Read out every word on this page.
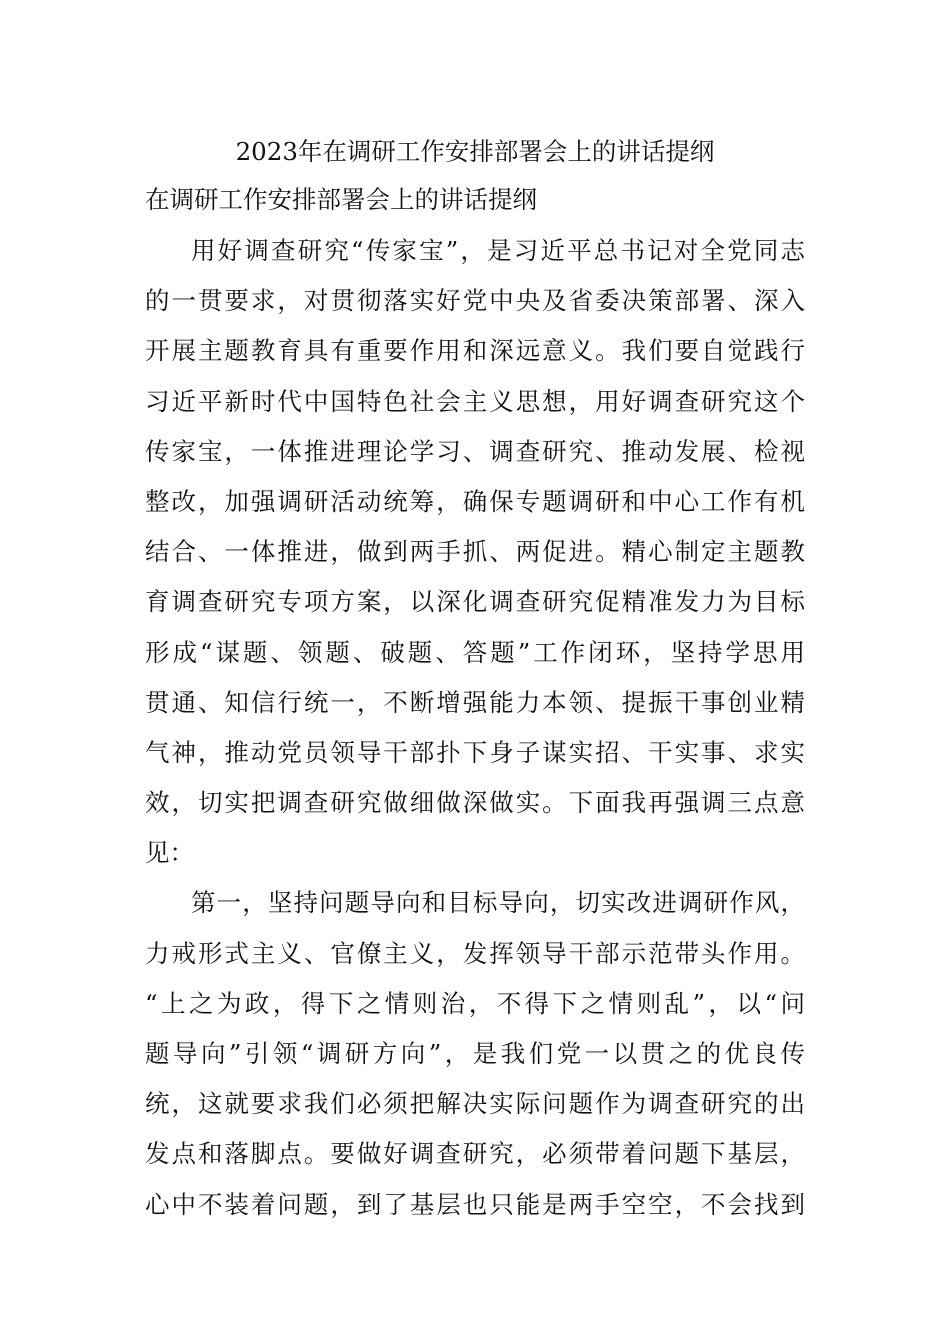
2023年在调研工作安排部署会上的讲话提纲
在调研工作安排部署会上的讲话提纲

用好调查研究“传家宝”，是习近平总书记对全党同志
的一贯要求，对贯彻落实好党中央及省委决策部署、深入
开展主题教育具有重要作用和深远意义。我们要自觉践行
习近平新时代中国特色社会主义思想，用好调查研究这个
传家宝，一体推进理论学习、调查研究、推动发展、检视
整改，加强调研活动统筹，确保专题调研和中心工作有机
结合、一体推进，做到两手抓、两促进。精心制定主题教
育调查研究专项方案，以深化调查研究促精准发力为目标
形成“谋题、领题、破题、答题”工作闭环，坚持学思用
贯通、知信行统一，不断增强能力本领、提振干事创业精
气神，推动党员领导干部扑下身子谋实招、干实事、求实
效，切实把调查研究做细做深做实。下面我再强调三点意
见：

第一，坚持问题导向和目标导向，切实改进调研作风，
力戒形式主义、官僚主义，发挥领导干部示范带头作用。
“上之为政，得下之情则治，不得下之情则乱”，以“问
题导向”引领“调研方向”，是我们党一以贯之的优良传
统，这就要求我们必须把解决实际问题作为调查研究的出
发点和落脚点。要做好调查研究，必须带着问题下基层，
心中不装着问题，到了基层也只能是两手空空，不会找到
